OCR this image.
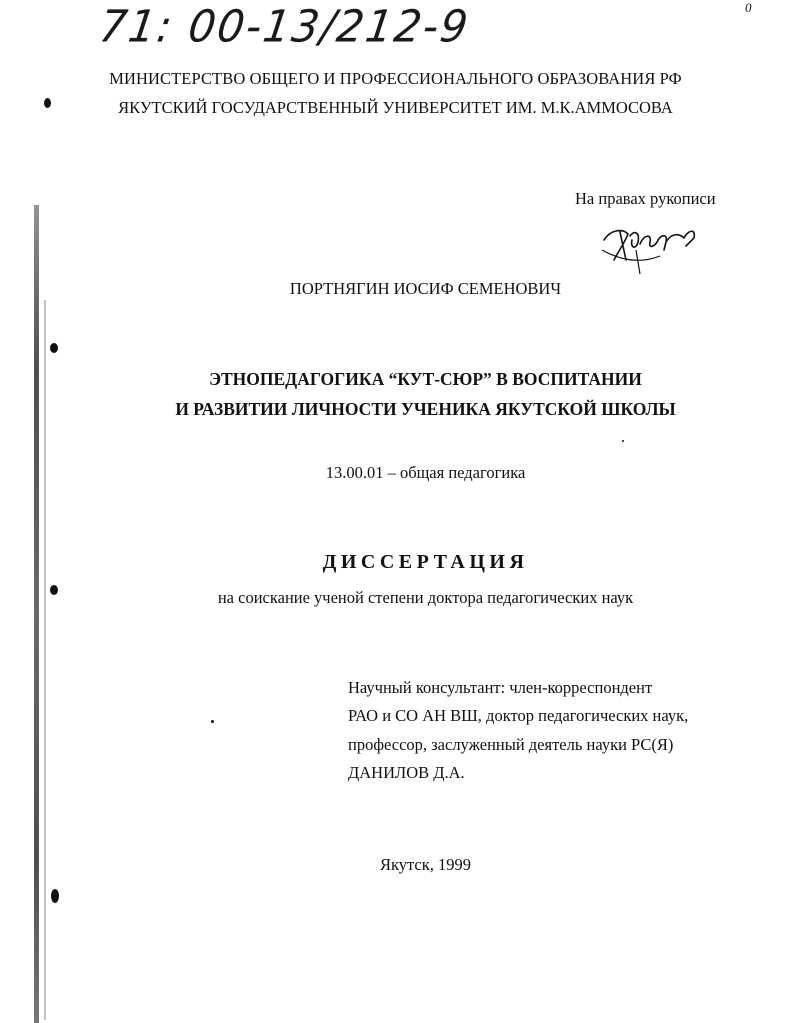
71: 00-13/212-9	0
МИНИСТЕРСТВО ОБЩЕГО И ПРОФЕССИОНАЛЬНОГО ОБРАЗОВАНИЯ РФ
ЯКУТСКИЙ ГОСУДАРСТВЕННЫЙ УНИВЕРСИТЕТ ИМ. М.К.АММОСОВА
На правах рукописи
ПОРТНЯГИН ИОСИФ СЕМЕНОВИЧ
ЭТНОПЕДАГОГИКА “КУТ-СЮР” В ВОСПИТАНИИ
И РАЗВИТИИ ЛИЧНОСТИ УЧЕНИКА ЯКУТСКОЙ ШКОЛЫ
13.00.01 – общая педагогика
ДИССЕРТАЦИЯ
на соискание ученой степени доктора педагогических наук
Научный консультант: член-корреспондент
РАО и СО АН ВШ, доктор педагогических наук,
профессор, заслуженный деятель науки РС(Я)
ДАНИЛОВ Д.А.
Якутск, 1999
